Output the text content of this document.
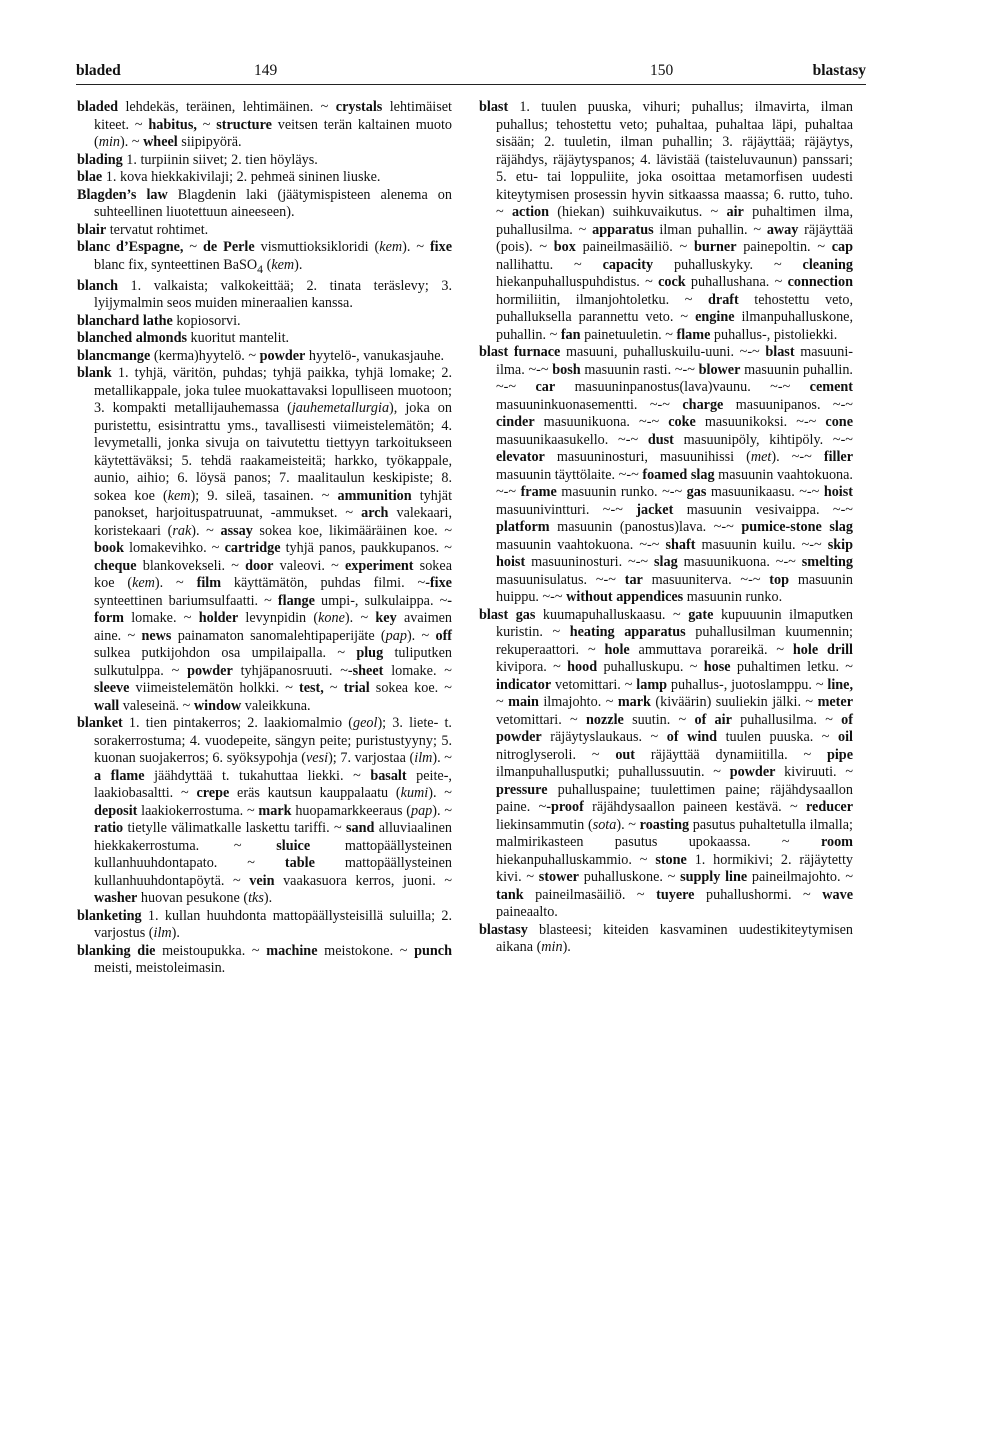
bladed	149	150	blastasy

bladed lehdekäs, teräinen, lehtimäinen. ~ crystals lehtimäiset kiteet. ~ habitus, ~ structure veitsen terän kaltainen muoto (min). ~ wheel siipipyörä.

blading 1. turpiinin siivet; 2. tien höyläys.

blae 1. kova hiekkakivilaji; 2. pehmeä sininen liuske.

Blagden’s law Blagdenin laki (jäätymispisteen alenema on suhteellinen liuotettuun aineeseen).

blair tervatut rohtimet.

blanc d’Espagne, ~ de Perle vismuttioksikloridi (kem). ~ fixe blanc fix, synteettinen BaSO$_4$ (kem).

blanch 1. valkaista; valkokeittää; 2. tinata teräslevy; 3. lyijymalmin seos muiden mineraalien kanssa.

blanchard lathe kopiosorvi.

blanched almonds kuoritut mantelit.

blancmange (kerma)hyytelö. ~ powder hyytelö-, vanukasjauhe.

blank 1. tyhjä, väritön, puhdas; tyhjä paikka, tyhjä lomake; 2. metallikappale, joka tulee muokattavaksi lopulliseen muotoon; 3. kompakti metallijauhemassa (jauhemetallurgia), joka on puristettu, esisintrattu yms., tavallisesti viimeistelemätön; 4. levymetalli, jonka sivuja on taivutettu tiettyyn tarkoitukseen käytettäväksi; 5. tehdä raakameisteitä; harkko, työkappale, aunio, aihio; 6. löysä panos; 7. maalitaulun keskipiste; 8. sokea koe (kem); 9. sileä, tasainen. ~ ammunition tyhjät panokset, harjoituspatruunat, -ammukset. ~ arch valekaari, koristekaari (rak). ~ assay sokea koe, likimääräinen koe. ~ book lomakevihko. ~ cartridge tyhjä panos, paukkupanos. ~ cheque blankovekseli. ~ door valeovi. ~ experiment sokea koe (kem). ~ film käyttämätön, puhdas filmi. ~-fixe synteettinen bariumsulfaatti. ~ flange umpi-, sulkulaippa. ~-form lomake. ~ holder levynpidin (kone). ~ key avaimen aine. ~ news painamaton sanomalehtipaperijäte (pap). ~ off sulkea putkijohdon osa umpilaipalla. ~ plug tuliputken sulkutulppa. ~ powder tyhjäpanosruuti. ~-sheet lomake. ~ sleeve viimeistelemätön holkki. ~ test, ~ trial sokea koe. ~ wall valeseinä. ~ window valeikkuna.

blanket 1. tien pintakerros; 2. laakiomalmio (geol); 3. liete- t. sorakerrostuma; 4. vuodepeite, sängyn peite; puristustyyny; 5. kuonan suojakerros; 6. syöksypohja (vesi); 7. varjostaa (ilm). ~ a flame jäähdyttää t. tukahuttaa liekki. ~ basalt peite-, laakiobasaltti. ~ crepe eräs kautsun kauppalaatu (kumi). ~ deposit laakiokerrostuma. ~ mark huopamarkkeeraus (pap). ~ ratio tietylle välimatkalle laskettu tariffi. ~ sand alluviaalinen hiekkakerrostuma. ~ sluice mattopäällysteinen kullanhuuhdontapato. ~ table mattopäällysteinen kullanhuuhdontapöytä. ~ vein vaakasuora kerros, juoni. ~ washer huovan pesukone (tks).

blanketing 1. kullan huuhdonta mattopäällysteisillä suluilla; 2. varjostus (ilm).

blanking die meistoupukka. ~ machine meistokone. ~ punch meisti, meistoleimasin.

blast 1. tuulen puuska, vihuri; puhallus; ilmavirta, ilman puhallus; tehostettu veto; puhaltaa, puhaltaa läpi, puhaltaa sisään; 2. tuuletin, ilman puhallin; 3. räjäyttää; räjäytys, räjähdys, räjäytyspanos; 4. lävistää (taisteluvaunun) panssari; 5. etu- tai loppuliite, joka osoittaa metamorfisen uudesti kiteytymisen prosessin hyvin sitkaassa maassa; 6. rutto, tuho. ~ action (hiekan) suihkuvaikutus. ~ air puhaltimen ilma, puhallusilma. ~ apparatus ilman puhallin. ~ away räjäyttää (pois). ~ box paineilmasäiliö. ~ burner painepoltin. ~ cap nallihattu. ~ capacity puhalluskyky. ~ cleaning hiekanpuhalluspuhdistus. ~ cock puhallushana. ~ connection hormiliitin, ilmanjohtoletku. ~ draft tehostettu veto, puhalluksella parannettu veto. ~ engine ilmanpuhalluskone, puhallin. ~ fan painetuuletin. ~ flame puhallus-, pistoliekki.

blast furnace masuuni, puhalluskuilu-uuni. ~-~ blast masuuni-ilma. ~-~ bosh masuunin rasti. ~-~ blower masuunin puhallin. ~-~ car masuuninpanostus(lava)vaunu. ~-~ cement masuuninkuonasementti. ~-~ charge masuunipanos. ~-~ cinder masuunikuona. ~-~ coke masuunikoksi. ~-~ cone masuunikaasukello. ~-~ dust masuunipöly, kihtipöly. ~-~ elevator masuuninosturi, masuunihissi (met). ~-~ filler masuunin täyttölaite. ~-~ foamed slag masuunin vaahtokuona. ~-~ frame masuunin runko. ~-~ gas masuunikaasu. ~-~ hoist masuunivintturi. ~-~ jacket masuunin vesivaippa. ~-~ platform masuunin (panostus)lava. ~-~ pumice-stone slag masuunin vaahtokuona. ~-~ shaft masuunin kuilu. ~-~ skip hoist masuuninosturi. ~-~ slag masuunikuona. ~-~ smelting masuunisulatus. ~-~ tar masuuniterva. ~-~ top masuunin huippu. ~-~ without appendices masuunin runko.

blast gas kuumapuhalluskaasu. ~ gate kupuuunin ilmaputken kuristin. ~ heating apparatus puhallusilman kuumennin; rekuperaattori. ~ hole ammuttava porareikä. ~ hole drill kivipora. ~ hood puhalluskupu. ~ hose puhaltimen letku. ~ indicator vetomittari. ~ lamp puhallus-, juotoslamppu. ~ line, ~ main ilmajohto. ~ mark (kiväärin) suuliekin jälki. ~ meter vetomittari. ~ nozzle suutin. ~ of air puhallusilma. ~ of powder räjäytyslaukaus. ~ of wind tuulen puuska. ~ oil nitroglyseroli. ~ out räjäyttää dynamiitilla. ~ pipe ilmanpuhallusputki; puhallussuutin. ~ powder kiviruuti. ~ pressure puhalluspaine; tuulettimen paine; räjähdysaallon paine. ~-proof räjähdysaallon paineen kestävä. ~ reducer liekinsammutin (sota). ~ roasting pasutus puhaltetulla ilmalla; malmirikasteen pasutus upokaassa. ~ room hiekanpuhalluskammio. ~ stone 1. hormikivi; 2. räjäytetty kivi. ~ stower puhalluskone. ~ supply line paineilmajohto. ~ tank paineilmasäiliö. ~ tuyere puhallushormi. ~ wave paineaalto.

blastasy blasteesi; kiteiden kasvaminen uudestikiteytymisen aikana (min).
